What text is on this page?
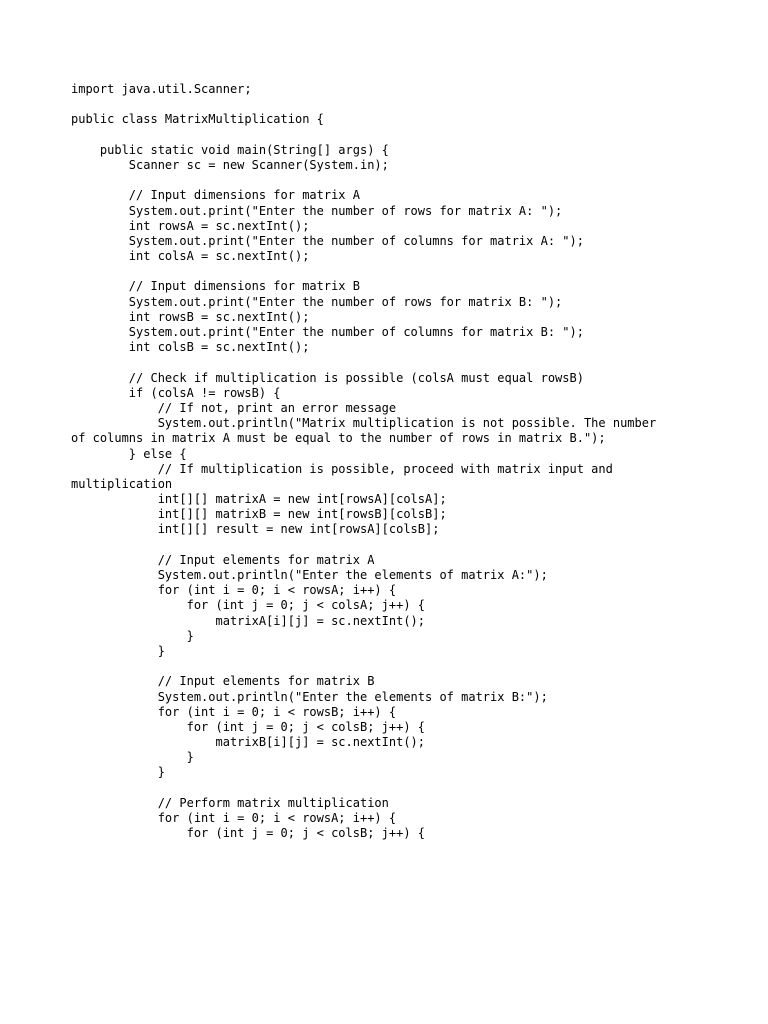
import java.util.Scanner;

public class MatrixMultiplication {

public static void main(String[] args) {
Scanner sc = new Scanner(System.in);

// Input dimensions for matrix A
System.out.print("Enter the number of rows for matrix A: ");
int rowsA = sc.nextInt();
System.out.print("Enter the number of columns for matrix A: ");
int colsA = sc.nextInt();

// Input dimensions for matrix B
System.out.print("Enter the number of rows for matrix B: ");
int rowsB = sc.nextInt();
System.out.print("Enter the number of columns for matrix B: ");
int colsB = sc.nextInt();

// Check if multiplication is possible (colsA must equal rowsB)
if (colsA != rowsB) {
// If not, print an error message
System.out.println("Matrix multiplication is not possible. The number
of columns in matrix A must be equal to the number of rows in matrix B.");
} else {
// If multiplication is possible, proceed with matrix input and
multiplication
int[][] matrixA = new int[rowsA][colsA];
int[][] matrixB = new int[rowsB][colsB];
int[][] result = new int[rowsA][colsB];

// Input elements for matrix A
System.out.println("Enter the elements of matrix A:");
for (int i = 0; i < rowsA; i++) {
for (int j = 0; j < colsA; j++) {
matrixA[i][j] = sc.nextInt();
}
}

// Input elements for matrix B
System.out.println("Enter the elements of matrix B:");
for (int i = 0; i < rowsB; i++) {
for (int j = 0; j < colsB; j++) {
matrixB[i][j] = sc.nextInt();
}
}

// Perform matrix multiplication
for (int i = 0; i < rowsA; i++) {
for (int j = 0; j < colsB; j++) {
